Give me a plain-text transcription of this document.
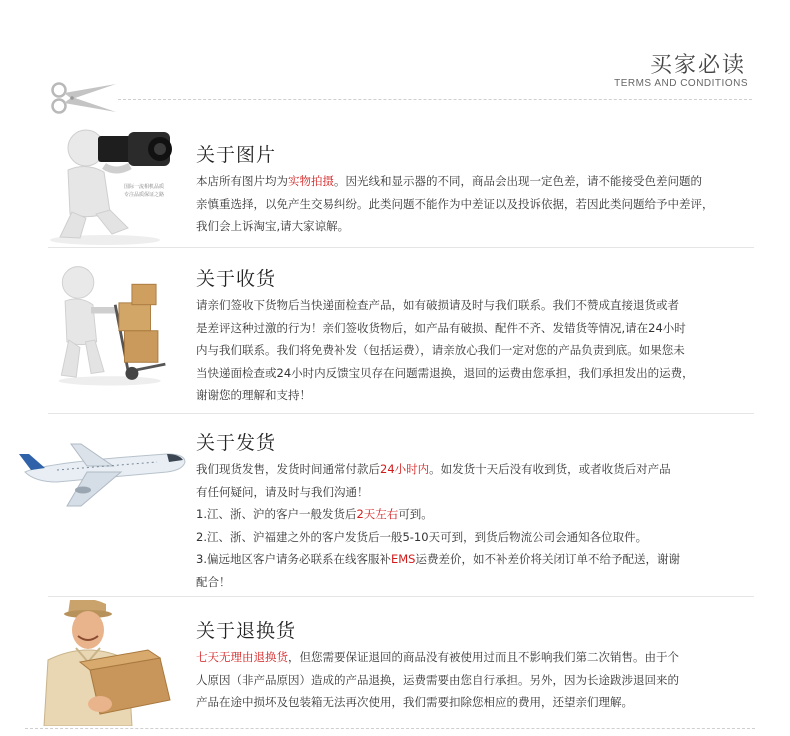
买家必读
TERMS AND CONDITIONS
国际一流相机品质
专注品质保证之路
关于图片

本店所有图片均为实物拍摄。因光线和显示器的不同，商品会出现一定色差，请不能接受色差问题的

亲慎重选择，以免产生交易纠纷。此类问题不能作为中差证以及投诉依据，若因此类问题给予中差评，

我们会上诉淘宝,请大家谅解。

关于收货

请亲们签收下货物后当快递面检查产品，如有破损请及时与我们联系。我们不赞成直接退货或者

是差评这种过激的行为！亲们签收货物后，如产品有破损、配件不齐、发错货等情况,请在24小时

内与我们联系。我们将免费补发（包括运费），请亲放心我们一定对您的产品负责到底。如果您未

当快递面检查或24小时内反馈宝贝存在问题需退换，退回的运费由您承担，我们承担发出的运费，

谢谢您的理解和支持！

关于发货

我们现货发售，发货时间通常付款后24小时内。如发货十天后没有收到货，或者收货后对产品

有任何疑问，请及时与我们沟通！

1.江、浙、沪的客户一般发货后2天左右可到。

2.江、浙、沪福建之外的客户发货后一般5-10天可到，到货后物流公司会通知各位取件。

3.偏远地区客户请务必联系在线客服补EMS运费差价，如不补差价将关闭订单不给予配送，谢谢

配合！

关于退换货

七天无理由退换货，但您需要保证退回的商品没有被使用过而且不影响我们第二次销售。由于个

人原因（非产品原因）造成的产品退换，运费需要由您自行承担。另外，因为长途跋涉退回来的

产品在途中损坏及包装箱无法再次使用，我们需要扣除您相应的费用，还望亲们理解。
